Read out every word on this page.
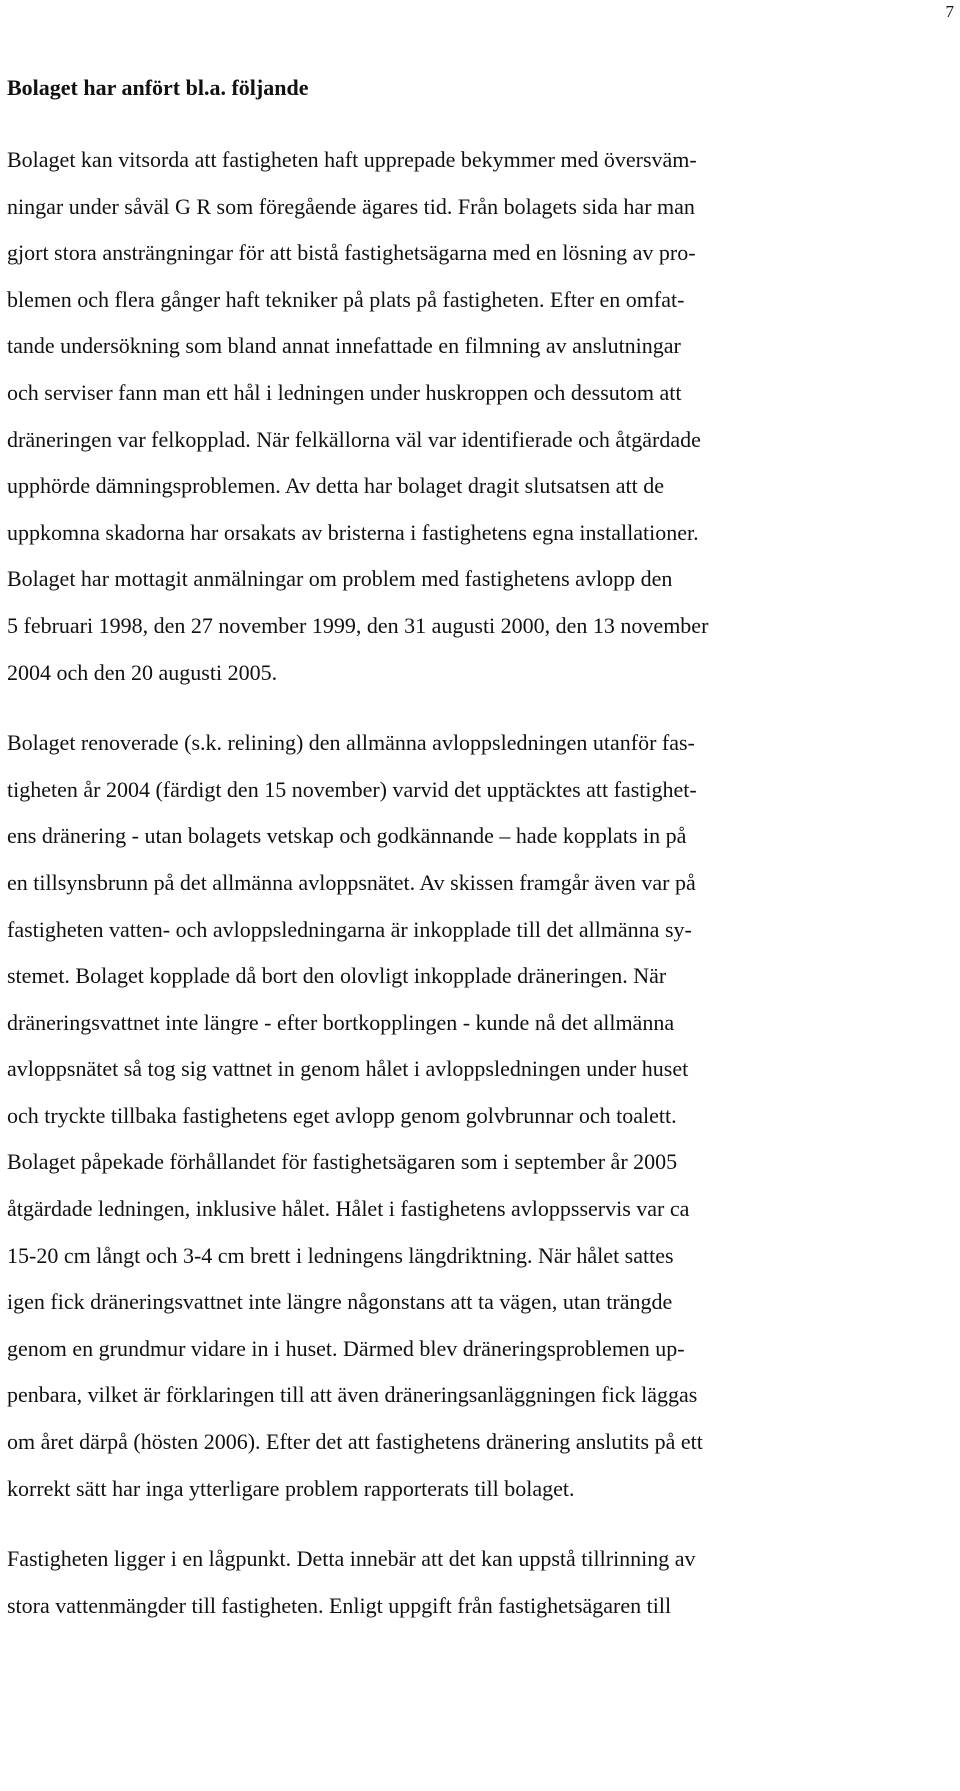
7
Bolaget har anfört bl.a. följande
Bolaget kan vitsorda att fastigheten haft upprepade bekymmer med översväm-
ningar under såväl G R som föregående ägares tid. Från bolagets sida har man
gjort stora ansträngningar för att bistå fastighetsägarna med en lösning av pro-
blemen och flera gånger haft tekniker på plats på fastigheten. Efter en omfat-
tande undersökning som bland annat innefattade en filmning av anslutningar
och serviser fann man ett hål i ledningen under huskroppen och dessutom att
dräneringen var felkopplad. När felkällorna väl var identifierade och åtgärdade
upphörde dämningsproblemen. Av detta har bolaget dragit slutsatsen att de
uppkomna skadorna har orsakats av bristerna i fastighetens egna installationer.
Bolaget har mottagit anmälningar om problem med fastighetens avlopp den
5 februari 1998, den 27 november 1999, den 31 augusti 2000, den 13 november
2004 och den 20 augusti 2005.
Bolaget renoverade (s.k. relining) den allmänna avloppsledningen utanför fas-
tigheten år 2004 (färdigt den 15 november) varvid det upptäcktes att fastighet-
ens dränering - utan bolagets vetskap och godkännande – hade kopplats in på
en tillsynsbrunn på det allmänna avloppsnätet. Av skissen framgår även var på
fastigheten vatten- och avloppsledningarna är inkopplade till det allmänna sy-
stemet. Bolaget kopplade då bort den olovligt inkopplade dräneringen. När
dräneringsvattnet inte längre - efter bortkopplingen - kunde nå det allmänna
avloppsnätet så tog sig vattnet in genom hålet i avloppsledningen under huset
och tryckte tillbaka fastighetens eget avlopp genom golvbrunnar och toalett.
Bolaget påpekade förhållandet för fastighetsägaren som i september år 2005
åtgärdade ledningen, inklusive hålet. Hålet i fastighetens avloppsservis var ca
15-20 cm långt och 3-4 cm brett i ledningens längdriktning. När hålet sattes
igen fick dräneringsvattnet inte längre någonstans att ta vägen, utan trängde
genom en grundmur vidare in i huset. Därmed blev dräneringsproblemen up-
penbara, vilket är förklaringen till att även dräneringsanläggningen fick läggas
om året därpå (hösten 2006). Efter det att fastighetens dränering anslutits på ett
korrekt sätt har inga ytterligare problem rapporterats till bolaget.
Fastigheten ligger i en lågpunkt. Detta innebär att det kan uppstå tillrinning av
stora vattenmängder till fastigheten. Enligt uppgift från fastighetsägaren till
